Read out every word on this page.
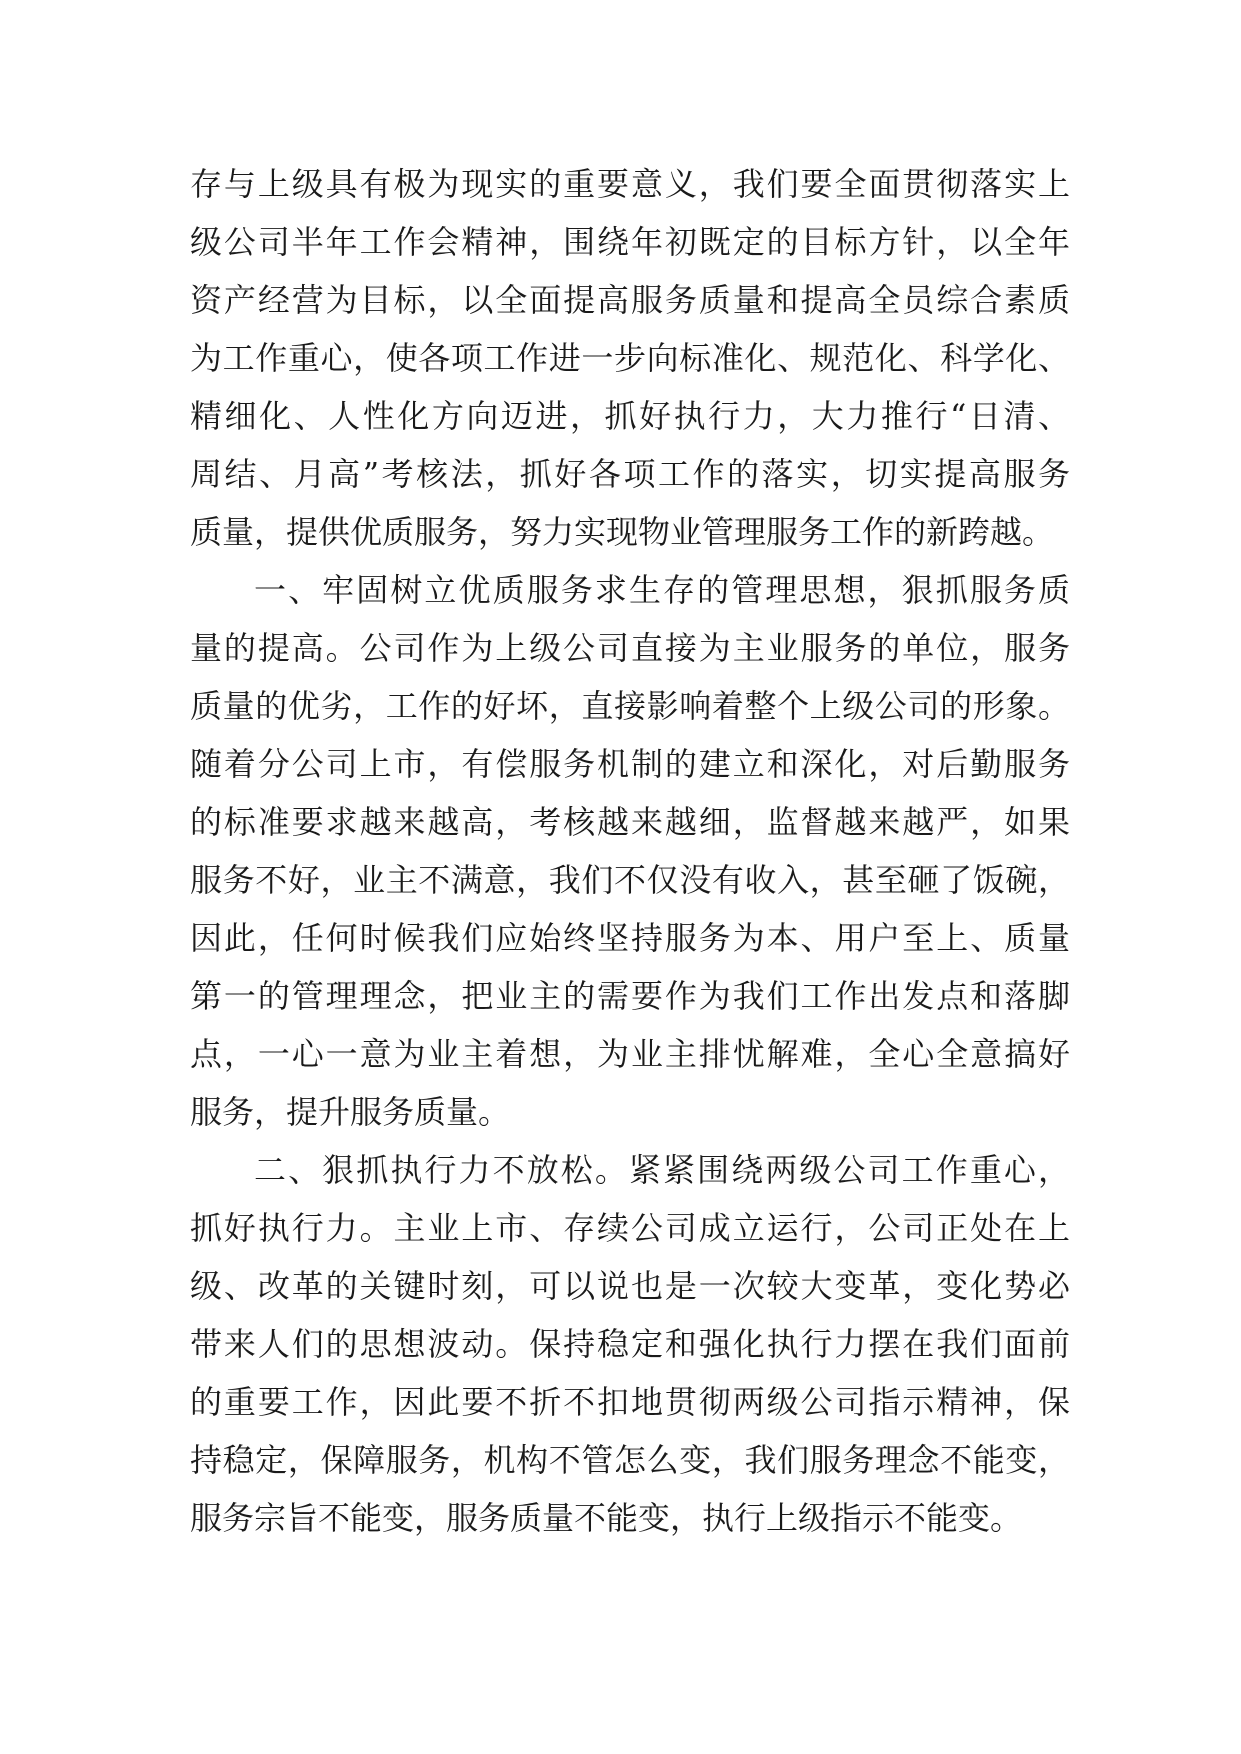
存与上级具有极为现实的重要意义，我们要全面贯彻落实上
级公司半年工作会精神，围绕年初既定的目标方针，以全年
资产经营为目标，以全面提高服务质量和提高全员综合素质
为工作重心，使各项工作进一步向标准化、规范化、科学化、
精细化、人性化方向迈进，抓好执行力，大力推行“日清、
周结、月高”考核法，抓好各项工作的落实，切实提高服务
质量，提供优质服务，努力实现物业管理服务工作的新跨越。
一、牢固树立优质服务求生存的管理思想，狠抓服务质
量的提高。公司作为上级公司直接为主业服务的单位，服务
质量的优劣，工作的好坏，直接影响着整个上级公司的形象。
随着分公司上市，有偿服务机制的建立和深化，对后勤服务
的标准要求越来越高，考核越来越细，监督越来越严，如果
服务不好，业主不满意，我们不仅没有收入，甚至砸了饭碗，
因此，任何时候我们应始终坚持服务为本、用户至上、质量
第一的管理理念，把业主的需要作为我们工作出发点和落脚
点，一心一意为业主着想，为业主排忧解难，全心全意搞好
服务，提升服务质量。
二、狠抓执行力不放松。紧紧围绕两级公司工作重心，
抓好执行力。主业上市、存续公司成立运行，公司正处在上
级、改革的关键时刻，可以说也是一次较大变革，变化势必
带来人们的思想波动。保持稳定和强化执行力摆在我们面前
的重要工作，因此要不折不扣地贯彻两级公司指示精神，保
持稳定，保障服务，机构不管怎么变，我们服务理念不能变，
服务宗旨不能变，服务质量不能变，执行上级指示不能变。
